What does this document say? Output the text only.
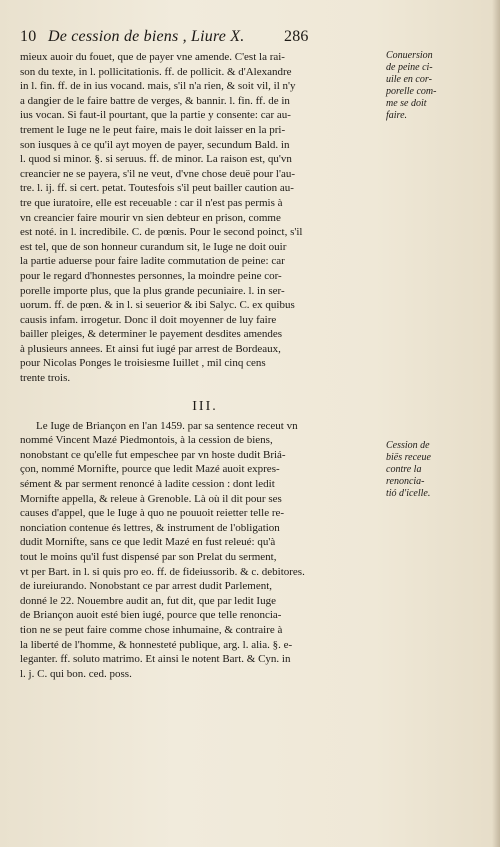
10 De cession de biens , Liure X. 286
mieux auoir du fouet, que de payer vne amende. C'est la rai-
son du texte, in l. pollicitationis. ff. de pollicit. & d'Alexandre
in l. fin. ff. de in ius vocand. mais, s'il n'a rien, & soit vil, il n'y
a dangier de le faire battre de verges, & bannir. l. fin. ff. de in
ius vocan. Si faut-il pourtant, que la partie y consente: car au-
trement le Iuge ne le peut faire, mais le doit laisser en la pri-
son iusques à ce qu'il ayt moyen de payer, secundum Bald. in
l. quod si minor. §. si seruus. ff. de minor. La raison est, qu'vn
creancier ne se payera, s'il ne veut, d'vne chose deuë pour l'au-
tre. l. ij. ff. si cert. petat. Toutesfois s'il peut bailler caution au-
tre que iuratoire, elle est receuable : car il n'est pas permis à
vn creancier faire mourir vn sien debteur en prison, comme
est noté. in l. incredibile. C. de pœnis. Pour le second poinct, s'il
est tel, que de son honneur curandum sit, le Iuge ne doit ouir
la partie aduerse pour faire ladite commutation de peine: car
pour le regard d'honnestes personnes, la moindre peine cor-
porelle importe plus, que la plus grande pecuniaire. l. in ser-
uorum. ff. de pœn. & in l. si seuerior & ibi Salyc. C. ex quibus
causis infam. irrogetur. Donc il doit moyenner de luy faire
bailler pleiges, & determiner le payement desdites amendes
à plusieurs annees. Et ainsi fut iugé par arrest de Bordeaux,
pour Nicolas Ponges le troisiesme Iuillet , mil cinq cens
trente trois.
III.
Le Iuge de Briançon en l'an 1459. par sa sentence receut vn
nommé Vincent Mazé Piedmontois, à la cession de biens,
nonobstant ce qu'elle fut empeschee par vn hoste dudit Briá-
çon, nommé Mornifte, pource que ledit Mazé auoit expres-
sément & par serment renoncé à ladite cession : dont ledit
Mornifte appella, & releue à Grenoble. Là où il dit pour ses
causes d'appel, que le Iuge à quo ne pouuoit reietter telle re-
nonciation contenue és lettres, & instrument de l'obligation
dudit Mornifte, sans ce que ledit Mazé en fust releué: qu'à
tout le moins qu'il fust dispensé par son Prelat du serment,
vt per Bart. in l. si quis pro eo. ff. de fideiussorib. & c. debitores.
de iureiurando. Nonobstant ce par arrest dudit Parlement,
donné le 22. Nouembre audit an, fut dit, que par ledit Iuge
de Briançon auoit esté bien iugé, pource que telle renoncia-
tion ne se peut faire comme chose inhumaine, & contraire à
la liberté de l'homme, & honnesteté publique, arg. l. alia. §. e-
leganter. ff. soluto matrimo. Et ainsi le notent Bart. & Cyn. in
l. j. C. qui bon. ced. poss.
Conuersion
de peine ci-
uile en cor-
porelle com-
me se doit
faire.
Cession de
biës receue
contre la
renoncia-
tió d'icelle.
